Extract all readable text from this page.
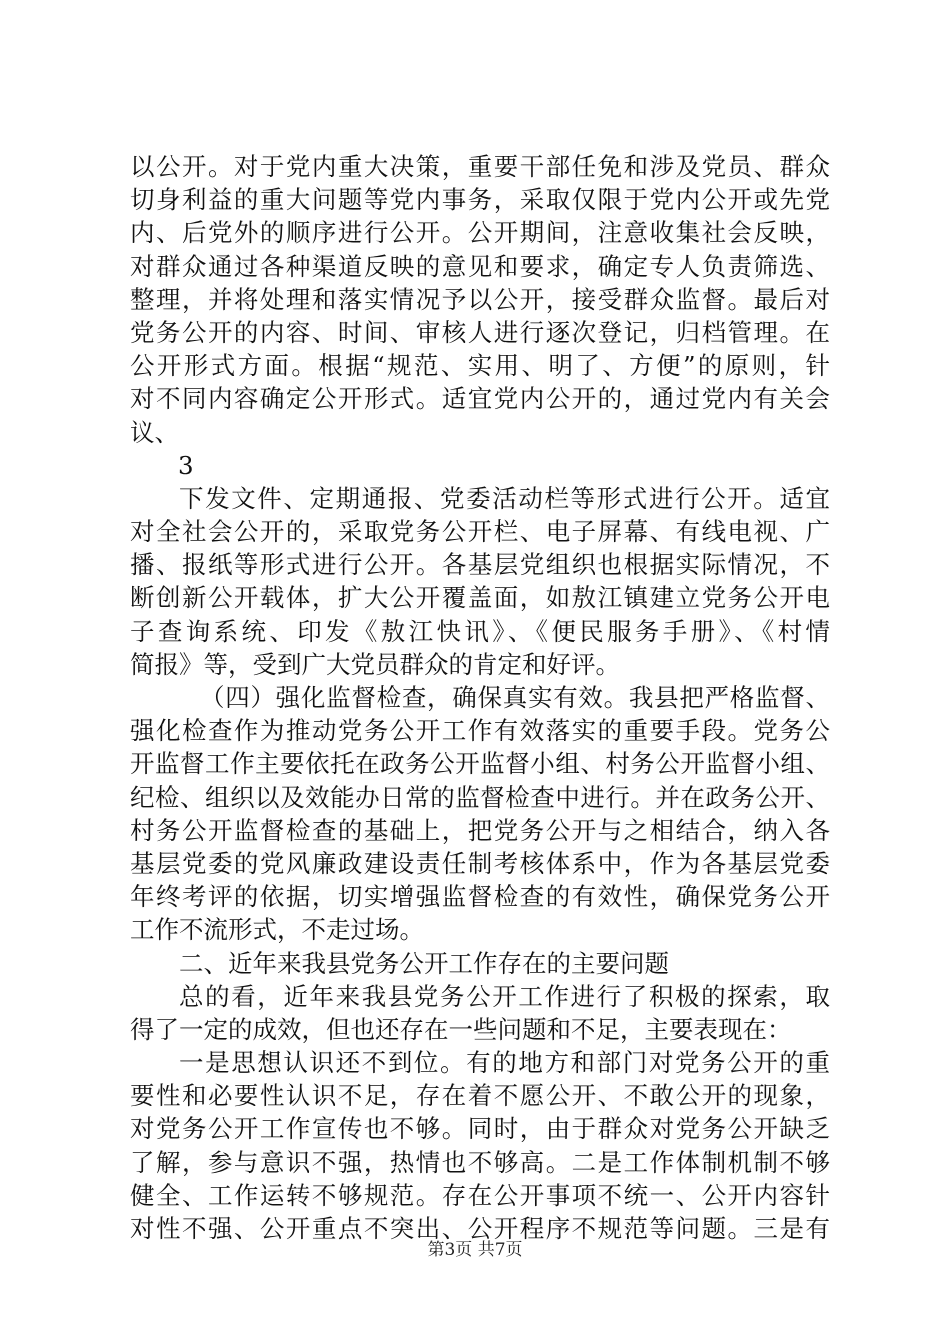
以公开。对于党内重大决策，重要干部任免和涉及党员、群众
切身利益的重大问题等党内事务，采取仅限于党内公开或先党
内、后党外的顺序进行公开。公开期间，注意收集社会反映，
对群众通过各种渠道反映的意见和要求，确定专人负责筛选、
整理，并将处理和落实情况予以公开，接受群众监督。最后对
党务公开的内容、时间、审核人进行逐次登记，归档管理。在
公开形式方面。根据“规范、实用、明了、方便”的原则，针
对不同内容确定公开形式。适宜党内公开的，通过党内有关会
议、
3
下发文件、定期通报、党委活动栏等形式进行公开。适宜
对全社会公开的，采取党务公开栏、电子屏幕、有线电视、广
播、报纸等形式进行公开。各基层党组织也根据实际情况，不
断创新公开载体，扩大公开覆盖面，如敖江镇建立党务公开电
子查询系统、印发《敖江快讯》、《便民服务手册》、《村情
简报》等，受到广大党员群众的肯定和好评。
（四）强化监督检查，确保真实有效。我县把严格监督、
强化检查作为推动党务公开工作有效落实的重要手段。党务公
开监督工作主要依托在政务公开监督小组、村务公开监督小组、
纪检、组织以及效能办日常的监督检查中进行。并在政务公开、
村务公开监督检查的基础上，把党务公开与之相结合，纳入各
基层党委的党风廉政建设责任制考核体系中，作为各基层党委
年终考评的依据，切实增强监督检查的有效性，确保党务公开
工作不流形式，不走过场。
二、近年来我县党务公开工作存在的主要问题
总的看，近年来我县党务公开工作进行了积极的探索，取
得了一定的成效，但也还存在一些问题和不足，主要表现在：
一是思想认识还不到位。有的地方和部门对党务公开的重
要性和必要性认识不足，存在着不愿公开、不敢公开的现象，
对党务公开工作宣传也不够。同时，由于群众对党务公开缺乏
了解，参与意识不强，热情也不够高。二是工作体制机制不够
健全、工作运转不够规范。存在公开事项不统一、公开内容针
对性不强、公开重点不突出、公开程序不规范等问题。三是有
第3页 共7页
